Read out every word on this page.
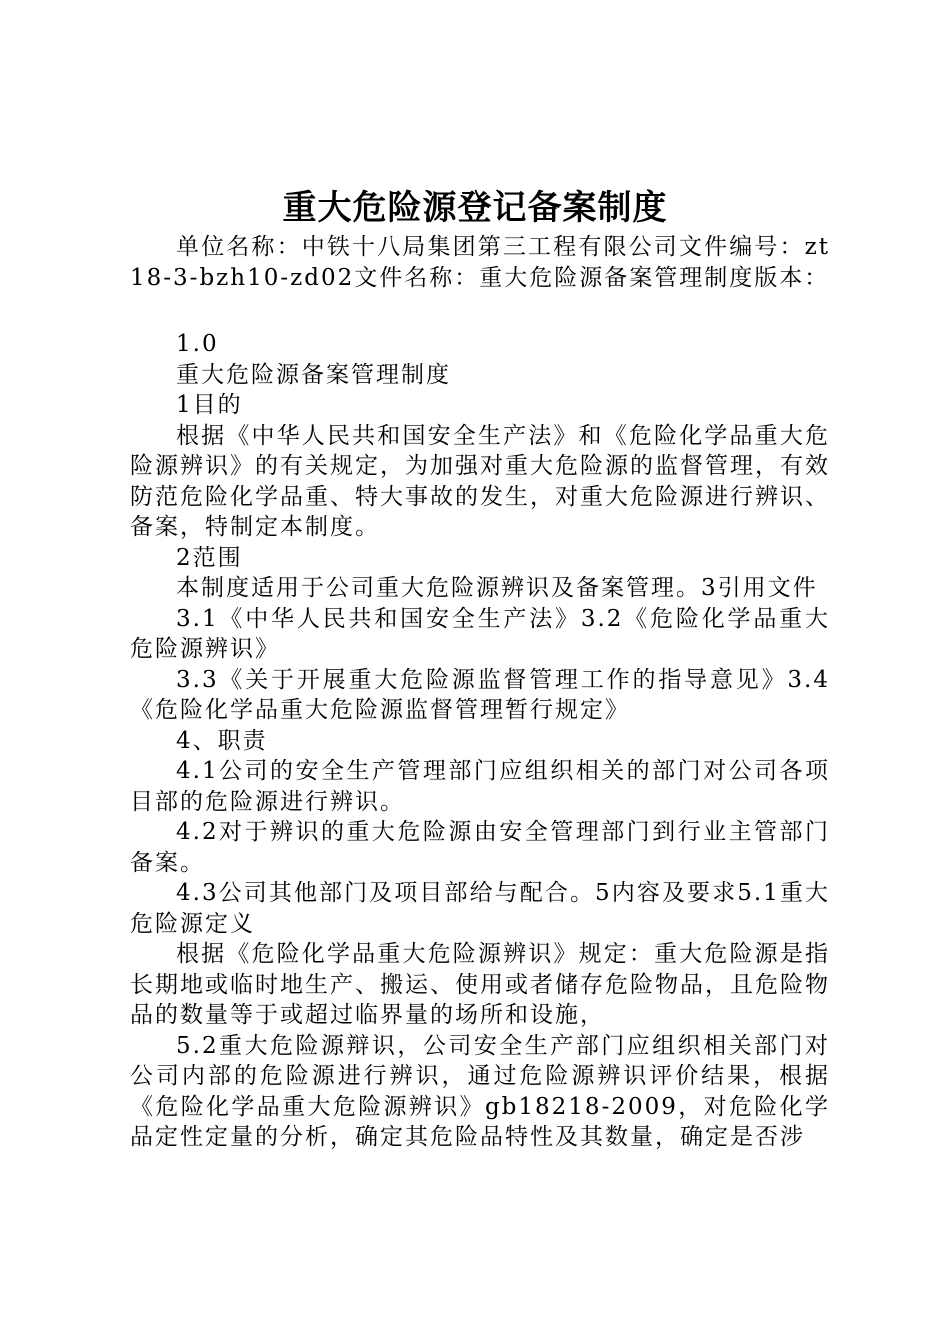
重大危险源登记备案制度

单位名称：中铁十八局集团第三工程有限公司文件编号：zt18-3-bzh10-zd02文件名称：重大危险源备案管理制度版本：

1.0

重大危险源备案管理制度

1目的

根据《中华人民共和国安全生产法》和《危险化学品重大危险源辨识》的有关规定，为加强对重大危险源的监督管理，有效防范危险化学品重、特大事故的发生，对重大危险源进行辨识、备案，特制定本制度。

2范围

本制度适用于公司重大危险源辨识及备案管理。3引用文件

3.1《中华人民共和国安全生产法》3.2《危险化学品重大危险源辨识》

3.3《关于开展重大危险源监督管理工作的指导意见》3.4《危险化学品重大危险源监督管理暂行规定》

4、职责

4.1公司的安全生产管理部门应组织相关的部门对公司各项目部的危险源进行辨识。

4.2对于辨识的重大危险源由安全管理部门到行业主管部门备案。

4.3公司其他部门及项目部给与配合。5内容及要求5.1重大危险源定义

根据《危险化学品重大危险源辨识》规定：重大危险源是指长期地或临时地生产、搬运、使用或者储存危险物品，且危险物品的数量等于或超过临界量的场所和设施，

5.2重大危险源辩识，公司安全生产部门应组织相关部门对公司内部的危险源进行辨识，通过危险源辨识评价结果，根据《危险化学品重大危险源辨识》gb18218-2009，对危险化学品定性定量的分析，确定其危险品特性及其数量，确定是否涉
